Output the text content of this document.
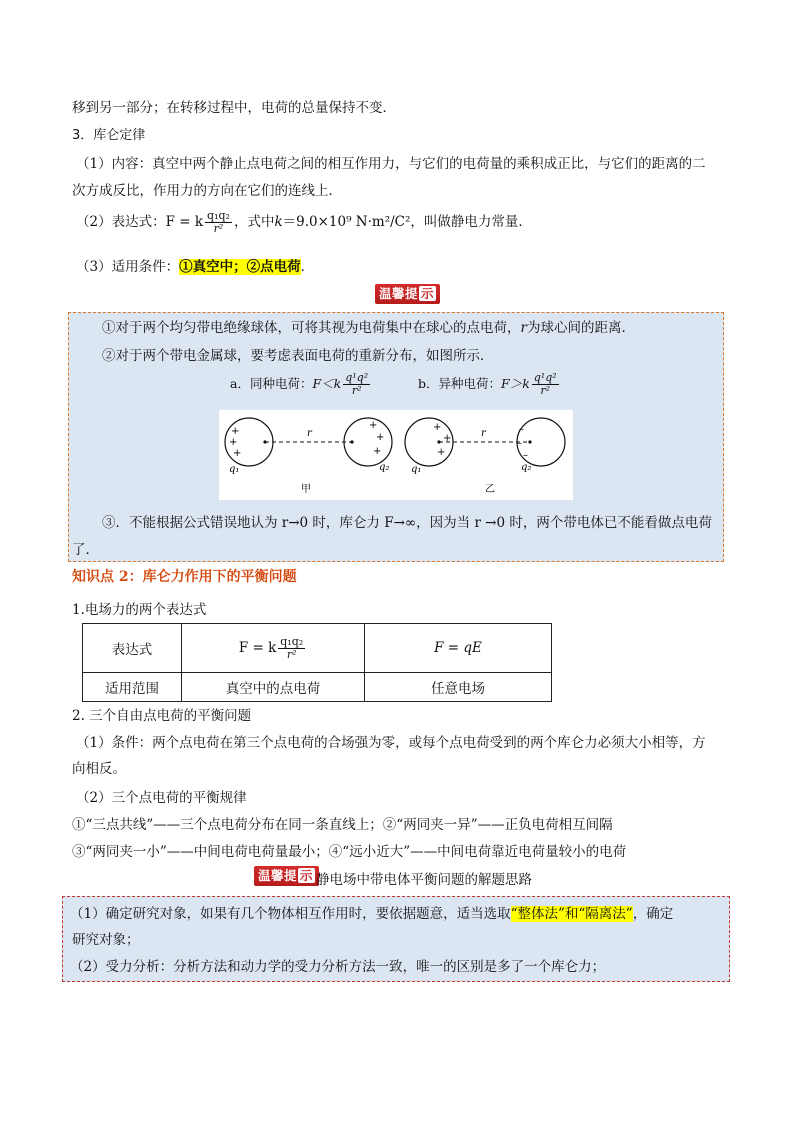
移到另一部分；在转移过程中，电荷的总量保持不变．
3．库仑定律
（1）内容：真空中两个静止点电荷之间的相互作用力，与它们的电荷量的乘积成正比，与它们的距离的二
次方成反比，作用力的方向在它们的连线上．
（2）表达式：F = k $\frac{\text{q₁q₂}}{\text{r²}}$ ，式中k＝9.0×10⁹ N·m²/C²，叫做静电力常量．
（3）适用条件：①真空中；②点电荷．
温馨提 示
①对于两个均匀带电绝缘球体，可将其视为电荷集中在球心的点电荷，r为球心间的距离．
②对于两个带电金属球，要考虑表面电荷的重新分布，如图所示．
a．同种电荷：$F<k \frac{\text{q¹q²}}{\text{r²}}$	b．异种电荷：$F>k \frac{\text{q¹q²}}{\text{r²}}$
r
+
+
+
+
+
+
q₁	q₂
甲
r
+
+
+
–
–
–
q₁	q₂
乙
③．不能根据公式错误地认为 r→0 时，库仑力 F→∞，因为当 r →0 时，两个带电体已不能看做点电荷
了．
知识点 2：库仑力作用下的平衡问题
1.电场力的两个表达式
表达式	F = k $\frac{\text{q₁q₂}}{\text{r²}}$	F = qE
适用范围	真空中的点电荷	任意电场
2. 三个自由点电荷的平衡问题
（1）条件：两个点电荷在第三个点电荷的合场强为零，或每个点电荷受到的两个库仑力必须大小相等，方
向相反。
（2）三个点电荷的平衡规律
①“三点共线”——三个点电荷分布在同一条直线上；②“两同夹一异”——正负电荷相互间隔
③“两同夹一小”——中间电荷电荷量最小；④“远小近大”——中间电荷靠近电荷量较小的电荷
温馨提 示 静电场中带电体平衡问题的解题思路
（1）确定研究对象，如果有几个物体相互作用时，要依据题意，适当选取“整体法”和“隔离法”，确定
研究对象；
（2）受力分析：分析方法和动力学的受力分析方法一致，唯一的区别是多了一个库仑力；
